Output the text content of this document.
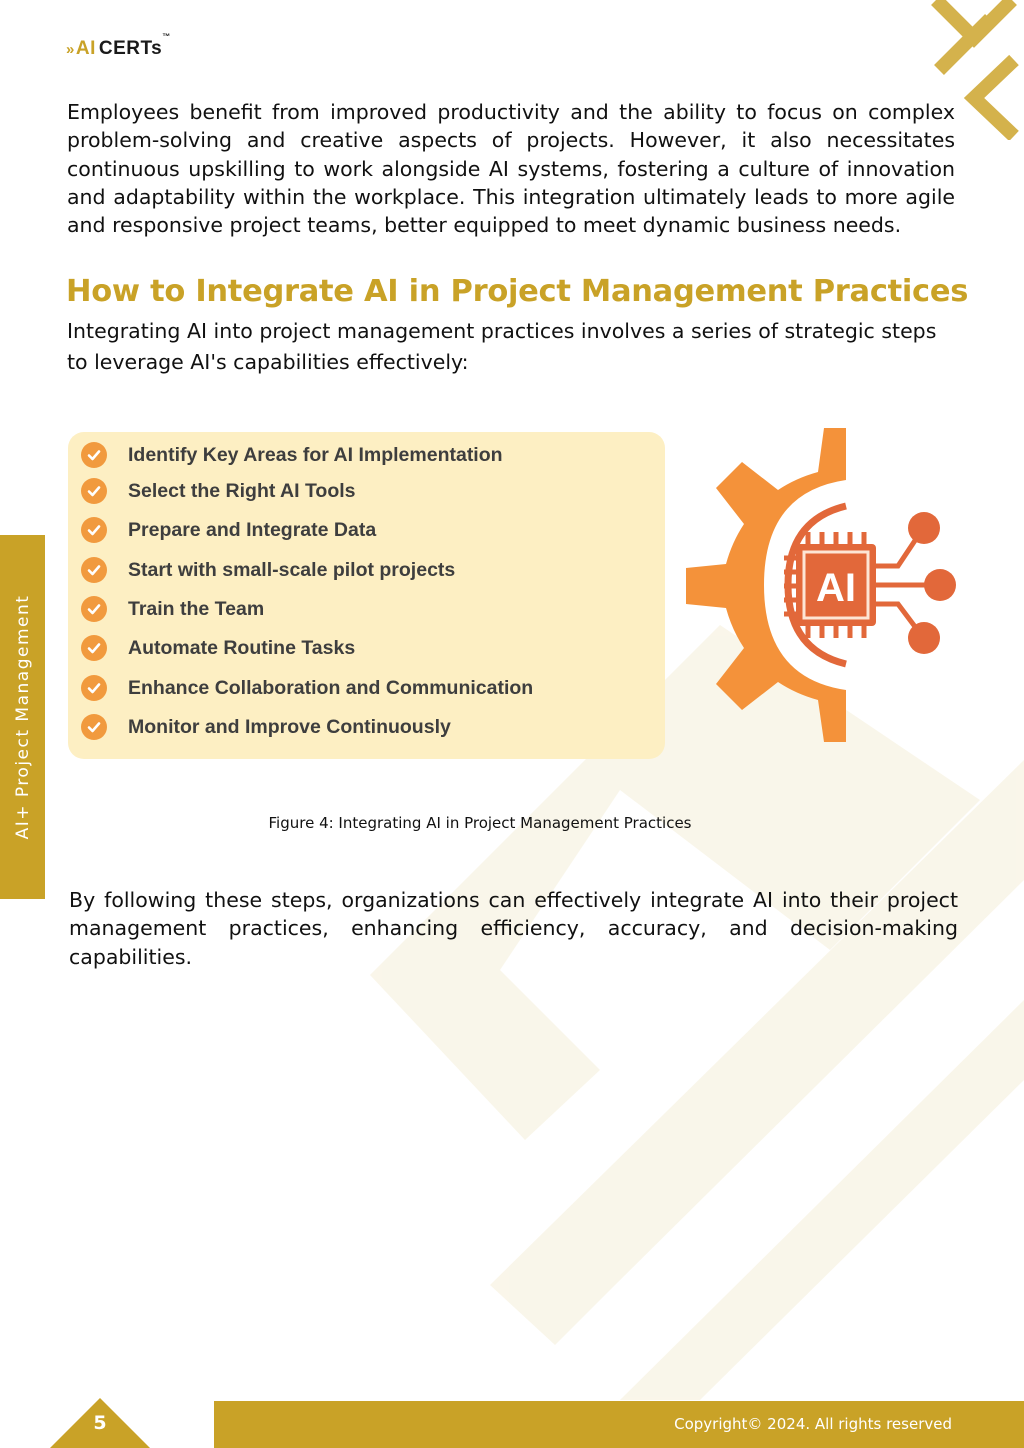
» AI CERTs™

Employees benefit from improved productivity and the ability to focus on complex problem-solving and creative aspects of projects. However, it also necessitates continuous upskilling to work alongside AI systems, fostering a culture of innovation and adaptability within the workplace. This integration ultimately leads to more agile and responsive project teams, better equipped to meet dynamic business needs.

How to Integrate AI in Project Management Practices

Integrating AI into project management practices involves a series of strategic steps to leverage AI's capabilities effectively:

AI+ Project Management
Identify Key Areas for AI Implementation
Select the Right AI Tools
Prepare and Integrate Data
Start with small-scale pilot projects
Train the Team
Automate Routine Tasks
Enhance Collaboration and Communication
Monitor and Improve Continuously
AI
Figure 4: Integrating AI in Project Management Practices

By following these steps, organizations can effectively integrate AI into their project management practices, enhancing efficiency, accuracy, and decision-making capabilities.

5	Copyright© 2024. All rights reserved
